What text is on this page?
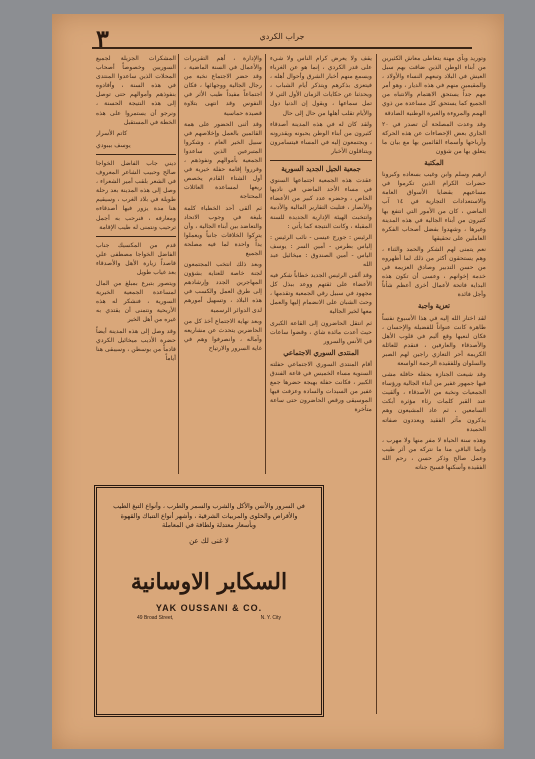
٣	جراب الكردي

وتوريد وبأي مهنة يتعاطى معاش الكثيرين من أبناء الوطن الذين ضاقت بهم سبل العيش في البلاد وتبعهم النساء والأولاد ، والمقيمين منهم في هذه الديار ، وهو أمر مهم جداً يستحق الاهتمام والانتباه من الجميع كما يستحق كل مساعدة من ذوي الهمم والمروءة والغيرة الوطنية الصادقة

وقد وعدت المصلحة أن تصدر في ٢٠ الجاري بعض الإحصاءات عن هذه الحركة وأرباحها وأسماء القائمين بها مع بيان ما يتعلق بها من شؤون

المكتبة

ارهيم وسلم وابن وغيب بسعاده وكبرونا حضرات الكرام الذين تكرموا في مساعيهم بقضايا الأسواق العامة والاستعدادات التجارية في ١٤ آب الماضي ، كان من الأمور التي انتفع بها كثيرون من أبناء الجالية في هذه المدينة وغيرها ، وشهدوا بفضل أصحاب الفكرة العاملين على تحقيقها

نعم يتمنى لهم الشكر والحمد والثناء ، وهم يستحقون أكثر من ذلك لما أظهروه من حسن التدبير وصادق العزيمة في خدمة إخوانهم ، وعسى أن تكون هذه البداية فاتحة لأعمال أخرى أعظم شأناً وأجل فائدة

تعزية واجبة

لقد اختار الله إليه في هذا الأسبوع نفساً طاهرة كانت عنواناً للفضيلة والإحسان ، فكان لنعيها وقع أليم في قلوب الأهل والأصدقاء والعارفين ، فنقدم للعائلة الكريمة أحر التعازي راجين لهم الصبر والسلوان وللفقيدة الرحمة الواسعة

وقد شيعت الجنازة بحفلة حافلة مشى فيها جمهور غفير من أبناء الجالية ورؤساء الجمعيات ونخبة من الأصدقاء ، وألقيت عند القبر كلمات رثاء مؤثرة أبكت السامعين ، ثم عاد المشيعون وهم يذكرون مآثر الفقيد ويعددون صفاته الحميدة

وهذه سنة الحياة لا مفر منها ولا مهرب ، وإنما الباقي منا ما نتركه من أثر طيب وعمل صالح وذكر حسن ، رحم الله الفقيدة وأسكنها فسيح جناته

يقف ولا يعرض كرام الناس ولا شيء على قدر الكردي ، إنما هو عن الغرباء ويسمع منهم أخبار الشرق وأحوال أهله ، فيتعزى بذكرهم ويتذكر أيام الشباب ، ويحدثنا عن حكايات الزمان الأول التي لا تمل سماعها ، ويقول إن الدنيا دول والأيام تقلب أهلها من حال إلى حال

ولقد كان له في هذه المدينة أصدقاء كثيرون من أبناء الوطن يحبونه ويقدرونه ، ويجتمعون إليه في المساء فيتسامرون ويتناقلون الأخبار

جمعية الجيل الجديد السورية

عقدت هذه الجمعية اجتماعها السنوي في مساء الأحد الماضي في ناديها الخاص ، وحضره عدد كبير من الأعضاء والأنصار ، فتليت التقارير المالية والأدبية وانتخبت الهيئة الإدارية الجديدة للسنة المقبلة ، وكانت النتيجة كما يأتي :

الرئيس : جورج عيسى - نائب الرئيس : إلياس بطرس - أمين السر : يوسف الياس - أمين الصندوق : ميخائيل عبد الله

وقد ألقى الرئيس الجديد خطاباً شكر فيه الأعضاء على ثقتهم ووعد ببذل كل مجهود في سبيل رقي الجمعية وتقدمها ، وحث الشبان على الانضمام إليها والعمل معها لخير الجالية

ثم انتقل الحاضرون إلى القاعة الكبرى حيث أعدت مائدة شاي ، وقضوا ساعات في الأنس والسرور

المنتدى السوري الاجتماعي

أقام المنتدى السوري الاجتماعي حفلته السنوية مساء الخميس في قاعة الفندق الكبير ، فكانت حفلة بهيجة حضرها جمع غفير من السيدات والسادة وعزفت فيها الموسيقى ورقص الحاضرون حتى ساعة متأخرة

والإدارة ، أهم التقريرات والأعمال في السنة الماضية ، وقد حضر الاجتماع نخبة من رجال الجالية ووجهائها ، فكان اجتماعاً مفيداً طيب الأثر في النفوس وقد انتهى بتلاوة قصيدة حماسية

وقد أثنى الحضور على همة القائمين بالعمل وإخلاصهم في سبيل الخير العام ، وشكروا المتبرعين الذين ساعدوا الجمعية بأموالهم ونفوذهم ، وقرروا إقامة حفلة خيرية في أول الشتاء القادم يخصص ريعها لمساعدة العائلات المحتاجة

ثم ألقى أحد الخطباء كلمة بليغة في وجوب الاتحاد والتعاضد بين أبناء الجالية ، وأن يتركوا الخلافات جانباً ويعملوا يداً واحدة لما فيه مصلحة الجميع

وبعد ذلك انتخب المجتمعون لجنة خاصة للعناية بشؤون المهاجرين الجدد وإرشادهم إلى طرق العمل والكسب في هذه البلاد ، وتسهيل أمورهم لدى الدوائر الرسمية

وبعد نهاية الاجتماع أخذ كل من الحاضرين يتحدث عن مشاريعه وآماله ، وانصرفوا وهم في غاية السرور والارتياح

المشكرات الجزيلة لجميع السوريين وخصوصاً أصحاب المحلات الذين ساعدوا المنتدى في هذه السنة ، وأفادوه بنفوذهم وأموالهم حتى توصل إلى هذه النتيجة الحسنة ، ونرجو أن يستمروا على هذه الخطة في المستقبل

كاتم الأسرار
يوسف بيبودي

ديني جاب الفاضل الخواجا صالح وحبيب الشاعر المعروف في الشعر بلقب أمير الشعراء ، وصل إلى هذه المدينة بعد رحلة طويلة في بلاد الغرب ، وسيقيم هنا مدة يزور فيها أصدقاءه ومعارفه ، فنرحب به أجمل ترحيب ونتمنى له طيب الإقامة

قدم من المكسيك جناب الفاضل الخواجا مصطفى علي قاصداً زيارة الأهل والأصدقاء بعد غياب طويل

ويتصور بتبرع بمبلغ من المال لمساعدة الجمعية الخيرية السورية ، فنشكر له هذه الأريحية ونتمنى أن يقتدي به غيره من أهل الخير

وقد وصل إلى هذه المدينة أيضاً حضرة الأديب ميخائيل الكردي قادماً من بوسطن ، وسيبقى هنا أياماً

في السرور والأنس والأكل والشرب والسمر والطرب ، وأنواع التبغ الطيب
والأقراص والحلوى والمربيات الشرقية ، وأشهر أنواع التنباك والقهوة
وبأسعار معتدلة ولطافة في المعاملة
لا غنى لك عن
السكاير الاوسانية
YAK OUSSANI & CO.
49 Broad Street,	N. Y. City
